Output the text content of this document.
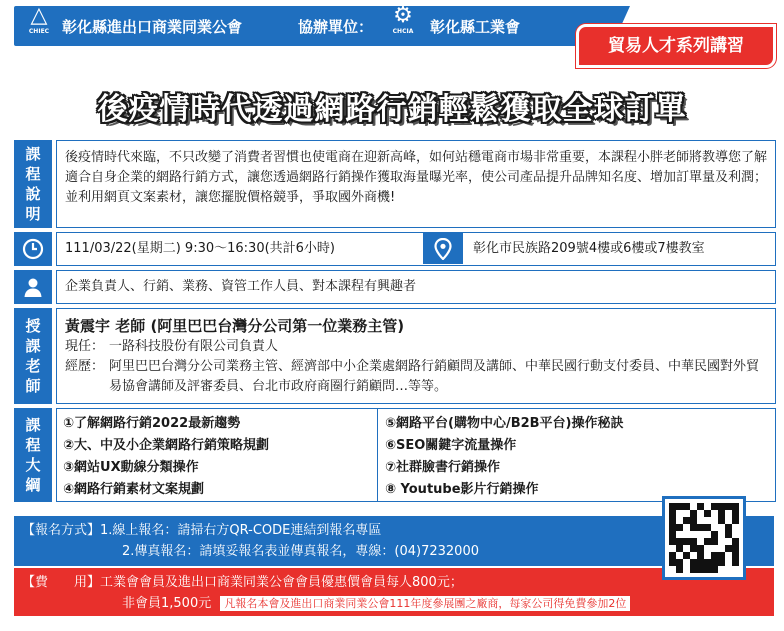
△
CHIEC 彰化縣進出口商業同業公會	協辦單位： ⚙
CHCIA	彰化縣工業會
貿易人才系列講習
後疫情時代透過網路行銷輕鬆獲取全球訂單
課
程
說
明
後疫情時代來臨，不只改變了消費者習慣也使電商在迎新高峰，如何站穩電商市場非常重要，本課程小胖老師將教導您了解適合自身企業的網路行銷方式，讓您透過網路行銷操作獲取海量曝光率，使公司產品提升品牌知名度、增加訂單量及利潤；並利用網頁文案素材，讓您擺脫價格競爭，爭取國外商機!
111/03/22(星期二) 9:30～16:30(共計6小時)	彰化市民族路209號4樓或6樓或7樓教室
企業負責人、行銷、業務、資管工作人員、對本課程有興趣者
授
課
老
師
黃震宇 老師 (阿里巴巴台灣分公司第一位業務主管)
現任： 一路科技股份有限公司負責人
經歷： 阿里巴巴台灣分公司業務主管、經濟部中小企業處網路行銷顧問及講師、中華民國行動支付委員、中華民國對外貿易協會講師及評審委員、台北市政府商圈行銷顧問…等等。
課
程
大
綱
①了解網路行銷2022最新趨勢
②大、中及小企業網路行銷策略規劃
③網站UX動線分類操作
④網路行銷素材文案規劃
⑤網路平台(購物中心/B2B平台)操作秘訣
⑥SEO關鍵字流量操作
⑦社群臉書行銷操作
⑧ Youtube影片行銷操作
【報名方式】1.線上報名：請掃右方QR-CODE連結到報名專區
2.傳真報名：請填妥報名表並傳真報名，專線：(04)7232000
【費　　用】工業會會員及進出口商業同業公會會員優惠價會員每人800元；
非會員1,500元 凡報名本會及進出口商業同業公會111年度參展團之廠商，每家公司得免費參加2位
